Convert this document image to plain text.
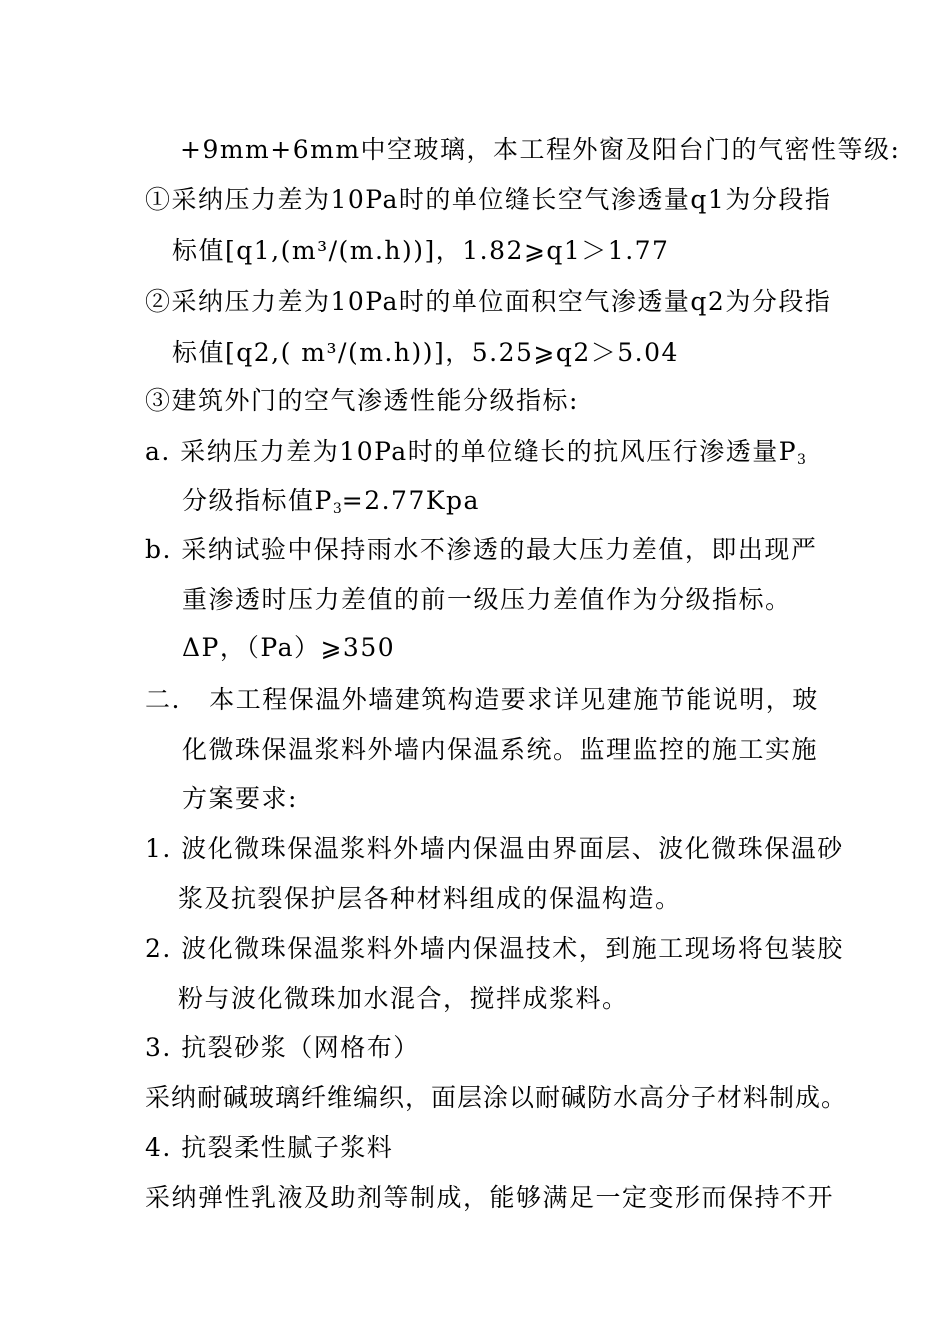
+9mm+6mm中空玻璃，本工程外窗及阳台门的气密性等级:
①采纳压力差为10Pa时的单位缝长空气渗透量q1为分段指
标值[q1,(m³/(m.h))]，1.82⩾q1＞1.77
②采纳压力差为10Pa时的单位面积空气渗透量q2为分段指
标值[q2,( m³/(m.h))]，5.25⩾q2＞5.04
③建筑外门的空气渗透性能分级指标:
a. 采纳压力差为10Pa时的单位缝长的抗风压行渗透量$P_3$
分级指标值$P_3=2.77Kpa$
b. 采纳试验中保持雨水不渗透的最大压力差值，即出现严
重渗透时压力差值的前一级压力差值作为分级指标。
ΔP，（Pa）⩾350
二.   本工程保温外墙建筑构造要求详见建施节能说明，玻
化微珠保温浆料外墙内保温系统。监理监控的施工实施
方案要求:
1. 波化微珠保温浆料外墙内保温由界面层、波化微珠保温砂
浆及抗裂保护层各种材料组成的保温构造。
2. 波化微珠保温浆料外墙内保温技术，到施工现场将包装胶
粉与波化微珠加水混合，搅拌成浆料。
3. 抗裂砂浆（网格布）
采纳耐碱玻璃纤维编织，面层涂以耐碱防水高分子材料制成。
4. 抗裂柔性腻子浆料
采纳弹性乳液及助剂等制成，能够满足一定变形而保持不开
